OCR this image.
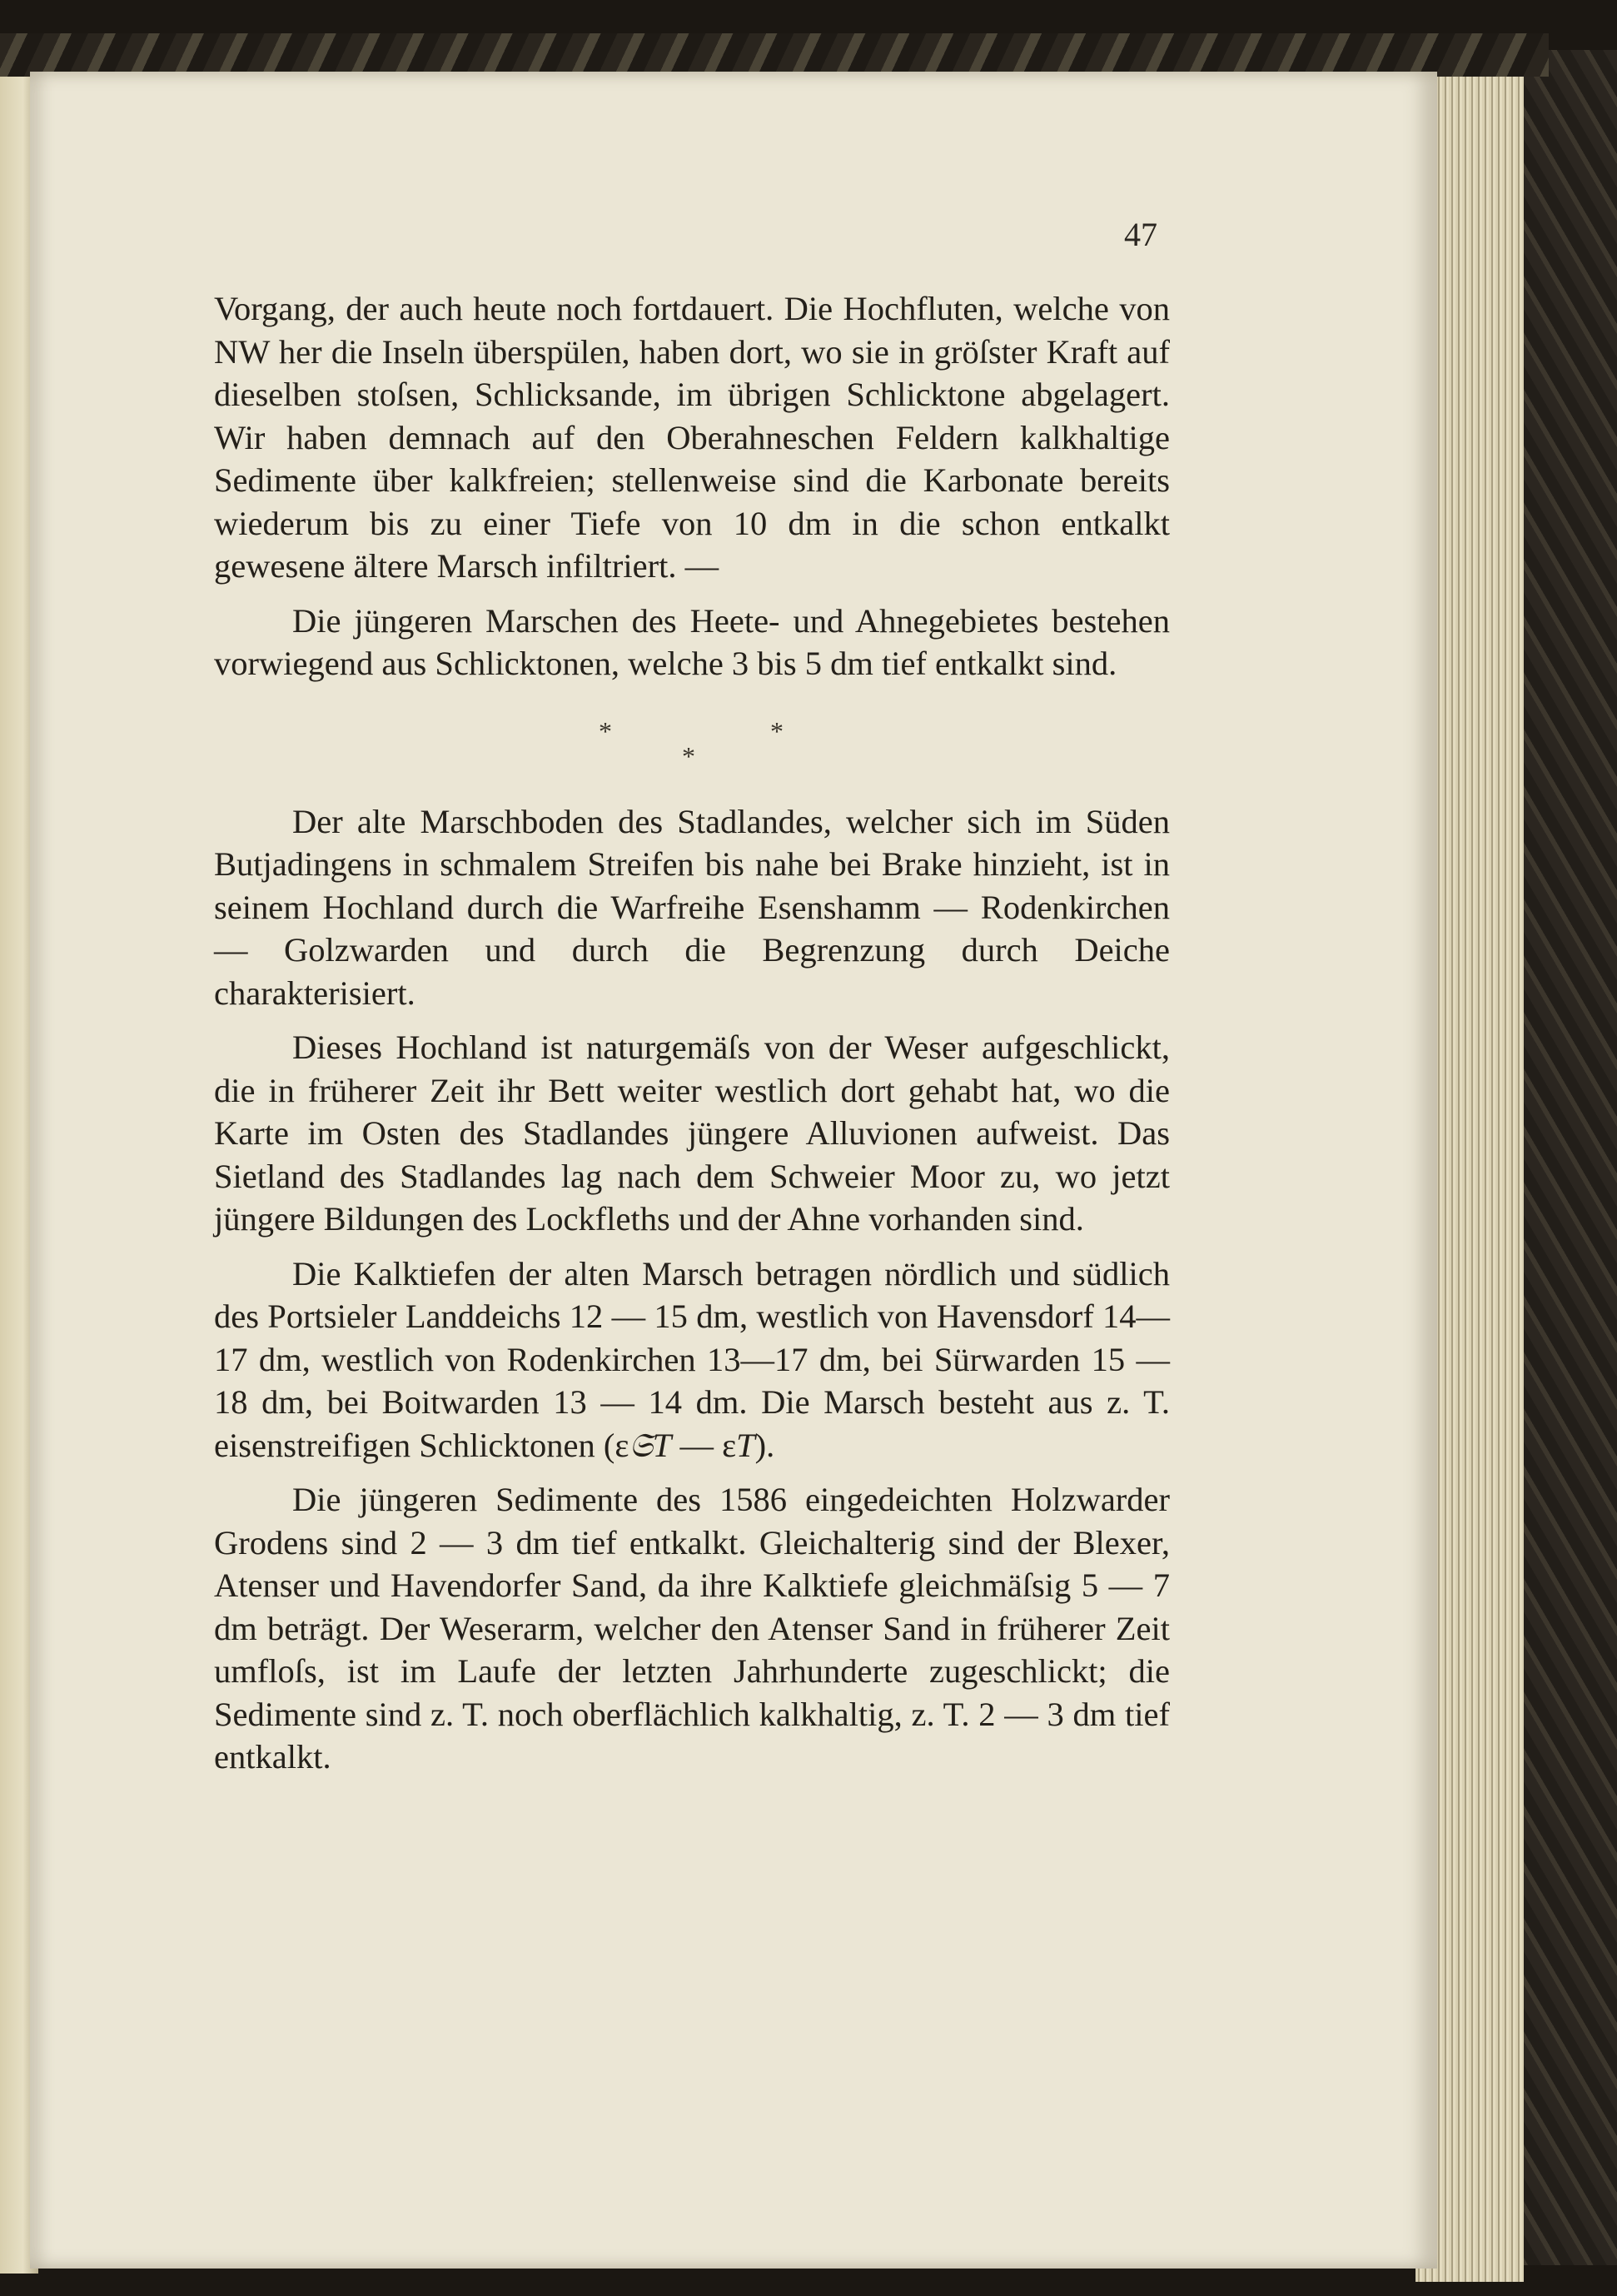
47

Vorgang, der auch heute noch fortdauert. Die Hochfluten, welche von NW her die Inseln überspülen, haben dort, wo sie in gröſster Kraft auf dieselben stoſsen, Schlicksande, im übrigen Schlicktone abgelagert. Wir haben demnach auf den Oberahneschen Feldern kalkhaltige Sedimente über kalkfreien; stellenweise sind die Karbonate bereits wiederum bis zu einer Tiefe von 10 dm in die schon entkalkt gewesene ältere Marsch infiltriert. —

Die jüngeren Marschen des Heete- und Ahnegebietes bestehen vorwiegend aus Schlicktonen, welche 3 bis 5 dm tief entkalkt sind.

*	*
*

Der alte Marschboden des Stadlandes, welcher sich im Süden Butjadingens in schmalem Streifen bis nahe bei Brake hinzieht, ist in seinem Hochland durch die Warfreihe Esenshamm — Rodenkirchen — Golzwarden und durch die Begrenzung durch Deiche charakterisiert.

Dieses Hochland ist naturgemäſs von der Weser aufgeschlickt, die in früherer Zeit ihr Bett weiter westlich dort gehabt hat, wo die Karte im Osten des Stadlandes jüngere Alluvionen aufweist. Das Sietland des Stadlandes lag nach dem Schweier Moor zu, wo jetzt jüngere Bildungen des Lockfleths und der Ahne vorhanden sind.

Die Kalktiefen der alten Marsch betragen nördlich und südlich des Portsieler Landdeichs 12 — 15 dm, westlich von Havensdorf 14—17 dm, westlich von Rodenkirchen 13—17 dm, bei Sürwarden 15 — 18 dm, bei Boitwarden 13 — 14 dm. Die Marsch besteht aus z. T. eisenstreifigen Schlicktonen (ε𝔖T — εT).

Die jüngeren Sedimente des 1586 eingedeichten Holzwarder Grodens sind 2 — 3 dm tief entkalkt. Gleichalterig sind der Blexer, Atenser und Havendorfer Sand, da ihre Kalktiefe gleichmäſsig 5 — 7 dm beträgt. Der Weserarm, welcher den Atenser Sand in früherer Zeit umfloſs, ist im Laufe der letzten Jahrhunderte zugeschlickt; die Sedimente sind z. T. noch oberflächlich kalkhaltig, z. T. 2 — 3 dm tief entkalkt.
